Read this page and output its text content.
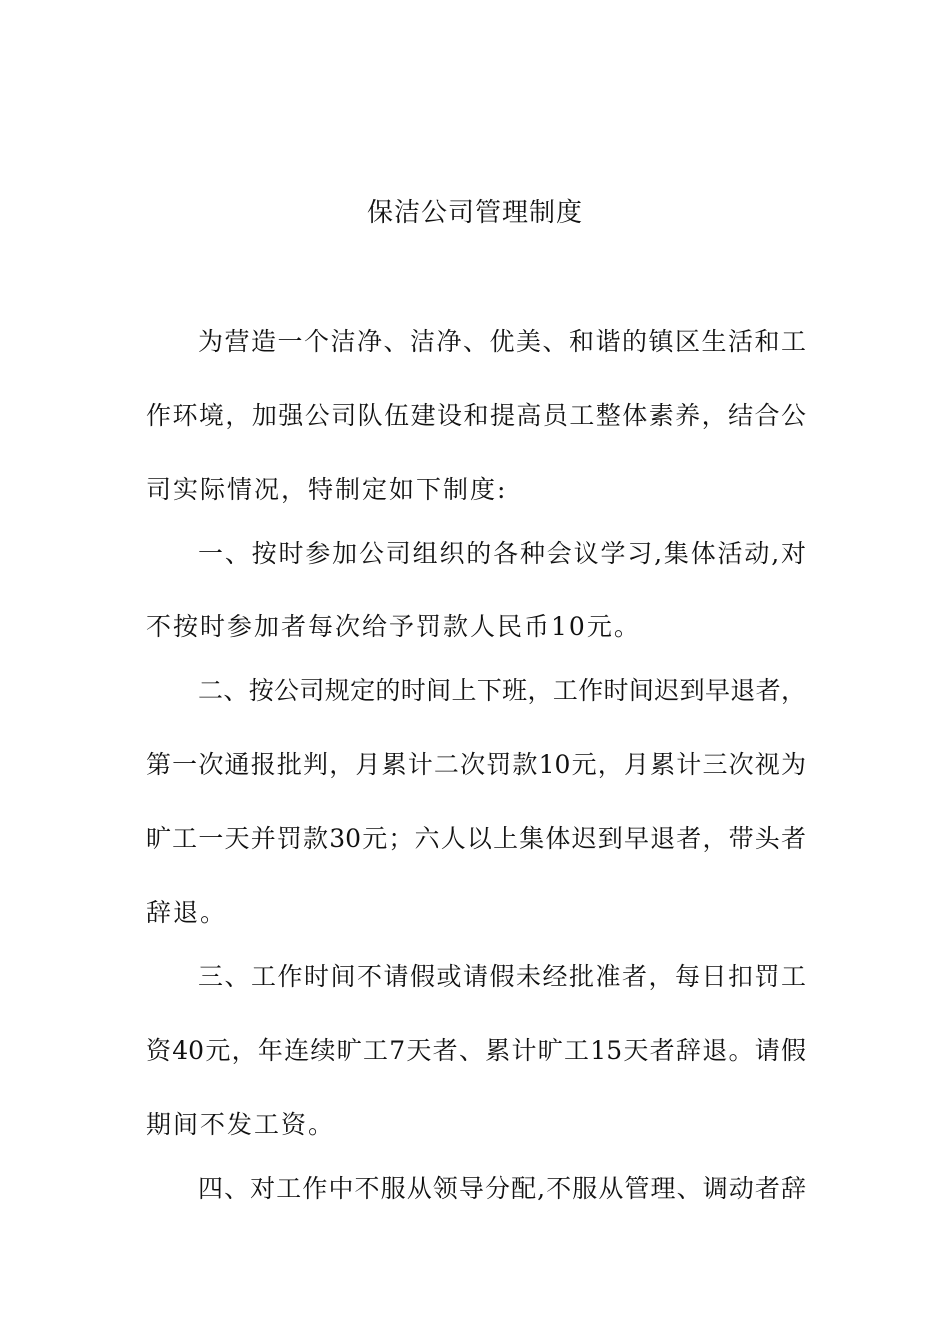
保洁公司管理制度

为营造一个洁净、洁净、优美、和谐的镇区生活和工

作环境，加强公司队伍建设和提高员工整体素养，结合公

司实际情况，特制定如下制度:

一、按时参加公司组织的各种会议学习,集体活动,对

不按时参加者每次给予罚款人民币10元。

二、按公司规定的时间上下班，工作时间迟到早退者，

第一次通报批判，月累计二次罚款10元，月累计三次视为

旷工一天并罚款30元；六人以上集体迟到早退者，带头者

辞退。

三、工作时间不请假或请假未经批准者，每日扣罚工

资40元，年连续旷工7天者、累计旷工15天者辞退。请假

期间不发工资。

四、对工作中不服从领导分配,不服从管理、调动者辞
